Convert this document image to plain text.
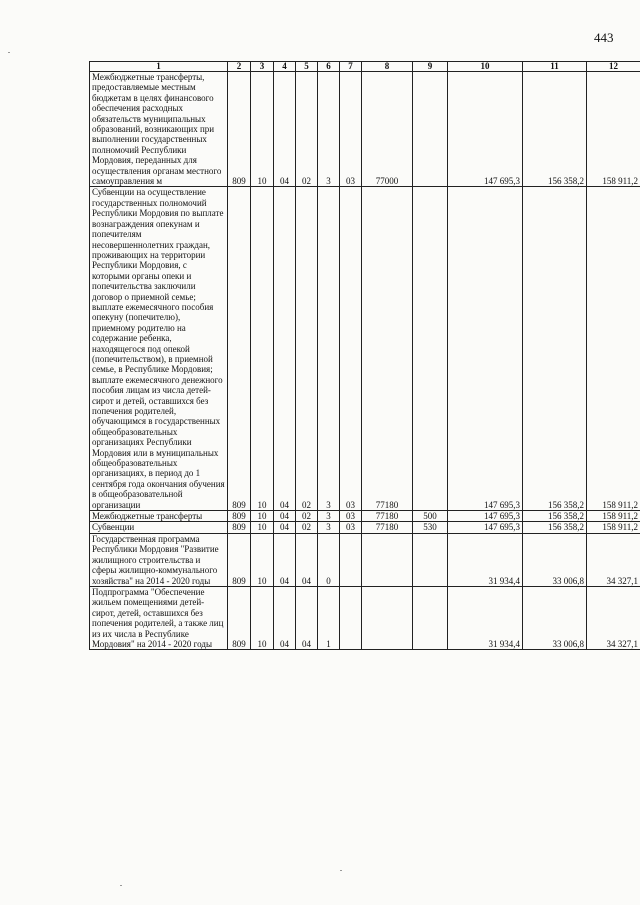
443
1	2	3	4	5	6	7	8	9	10	11	12
Межбюджетные трансферты, предоставляемые местным бюджетам в целях финансового обеспечения расходных обязательств муниципальных образований, возникающих при выполнении государственных полномочий Республики Мордовия, переданных для осуществления органам местного самоуправления м	809	10	04	02	3	03	77000		147 695,3	156 358,2	158 911,2
Субвенции на осуществление государственных полномочий Республики Мордовия по выплате вознаграждения опекунам и попечителям несовершеннолетних граждан, проживающих на территории Республики Мордовия, с которыми органы опеки и попечительства заключили договор о приемной семье; выплате ежемесячного пособия опекуну (попечителю), приемному родителю на содержание ребенка, находящегося под опекой (попечительством), в приемной семье, в Республике Мордовия; выплате ежемесячного денежного пособия лицам из числа детей-сирот и детей, оставшихся без попечения родителей, обучающимся в государственных общеобразовательных организациях Республики Мордовия или в муниципальных общеобразовательных организациях, в период до 1 сентября года окончания обучения в общеобразовательной организации	809	10	04	02	3	03	77180		147 695,3	156 358,2	158 911,2
Межбюджетные трансферты	809	10	04	02	3	03	77180	500	147 695,3	156 358,2	158 911,2
Субвенции	809	10	04	02	3	03	77180	530	147 695,3	156 358,2	158 911,2
Государственная программа Республики Мордовия "Развитие жилищного строительства и сферы жилищно-коммунального хозяйства" на 2014 - 2020 годы	809	10	04	04	0				31 934,4	33 006,8	34 327,1
Подпрограмма "Обеспечение жильем помещениями детей-сирот, детей, оставшихся без попечения родителей, а также лиц из их числа в Республике Мордовия" на 2014 - 2020 годы	809	10	04	04	1				31 934,4	33 006,8	34 327,1
